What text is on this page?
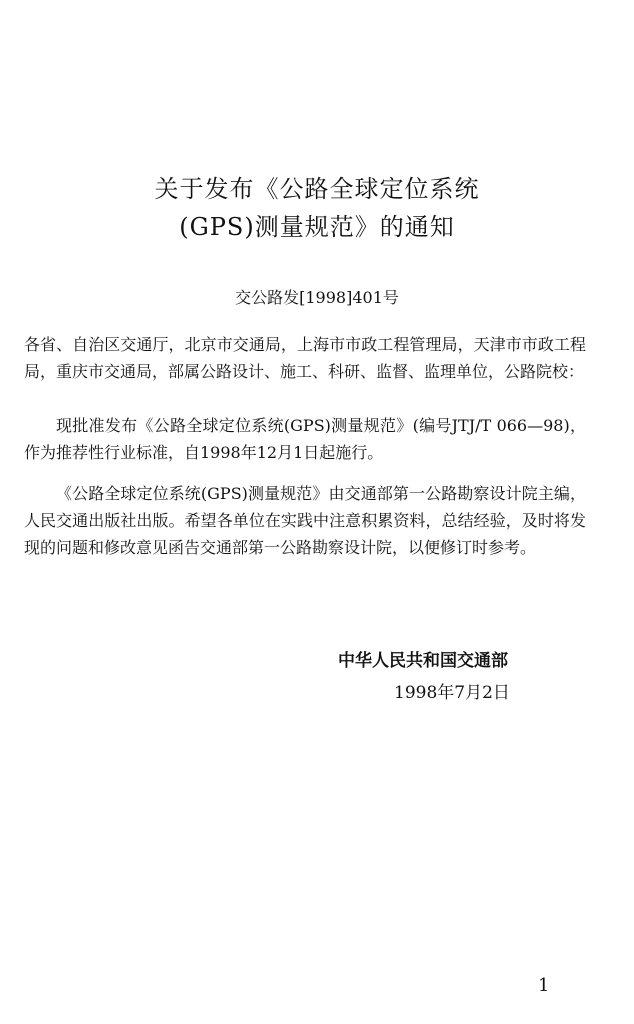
关于发布《公路全球定位系统
(GPS)测量规范》的通知
交公路发[1998]401号

各省、自治区交通厅，北京市交通局，上海市市政工程管理局，天津市市政工程局，重庆市交通局，部属公路设计、施工、科研、监督、监理单位，公路院校：

现批准发布《公路全球定位系统(GPS)测量规范》(编号JTJ/T 066—98)，作为推荐性行业标准，自1998年12月1日起施行。

《公路全球定位系统(GPS)测量规范》由交通部第一公路勘察设计院主编，人民交通出版社出版。希望各单位在实践中注意积累资料，总结经验，及时将发现的问题和修改意见函告交通部第一公路勘察设计院，以便修订时参考。

中华人民共和国交通部
1998年7月2日
1
